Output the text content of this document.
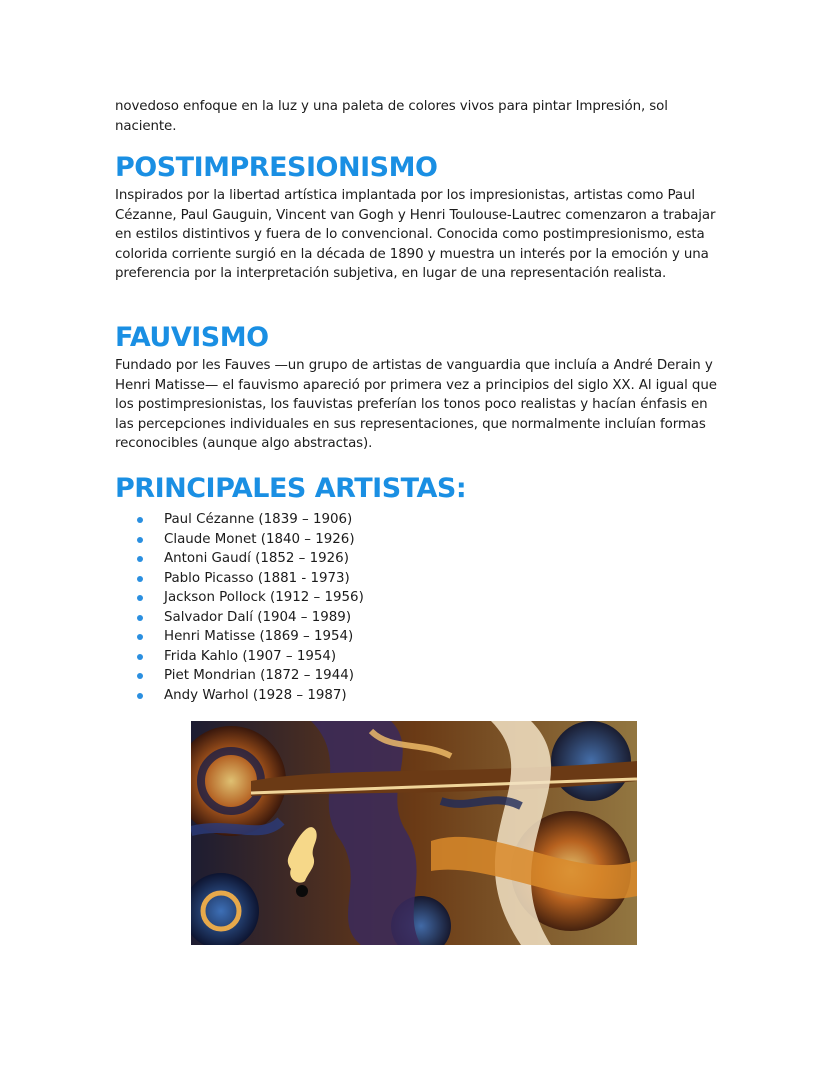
novedoso enfoque en la luz y una paleta de colores vivos para pintar Impresión, sol naciente.

POSTIMPRESIONISMO

Inspirados por la libertad artística implantada por los impresionistas, artistas como Paul Cézanne, Paul Gauguin, Vincent van Gogh y Henri Toulouse-Lautrec comenzaron a trabajar en estilos distintivos y fuera de lo convencional. Conocida como postimpresionismo, esta colorida corriente surgió en la década de 1890 y muestra un interés por la emoción y una preferencia por la interpretación subjetiva, en lugar de una representación realista.

FAUVISMO

Fundado por les Fauves —un grupo de artistas de vanguardia que incluía a André Derain y Henri Matisse— el fauvismo apareció por primera vez a principios del siglo XX. Al igual que los postimpresionistas, los fauvistas preferían los tonos poco realistas y hacían énfasis en las percepciones individuales en sus representaciones, que normalmente incluían formas reconocibles (aunque algo abstractas).

PRINCIPALES ARTISTAS:
Paul Cézanne (1839 – 1906)
Claude Monet (1840 – 1926)
Antoni Gaudí (1852 – 1926)
Pablo Picasso (1881 - 1973)
Jackson Pollock (1912 – 1956)
Salvador Dalí (1904 – 1989)
Henri Matisse (1869 – 1954)
Frida Kahlo (1907 – 1954)
Piet Mondrian (1872 – 1944)
Andy Warhol (1928 – 1987)
